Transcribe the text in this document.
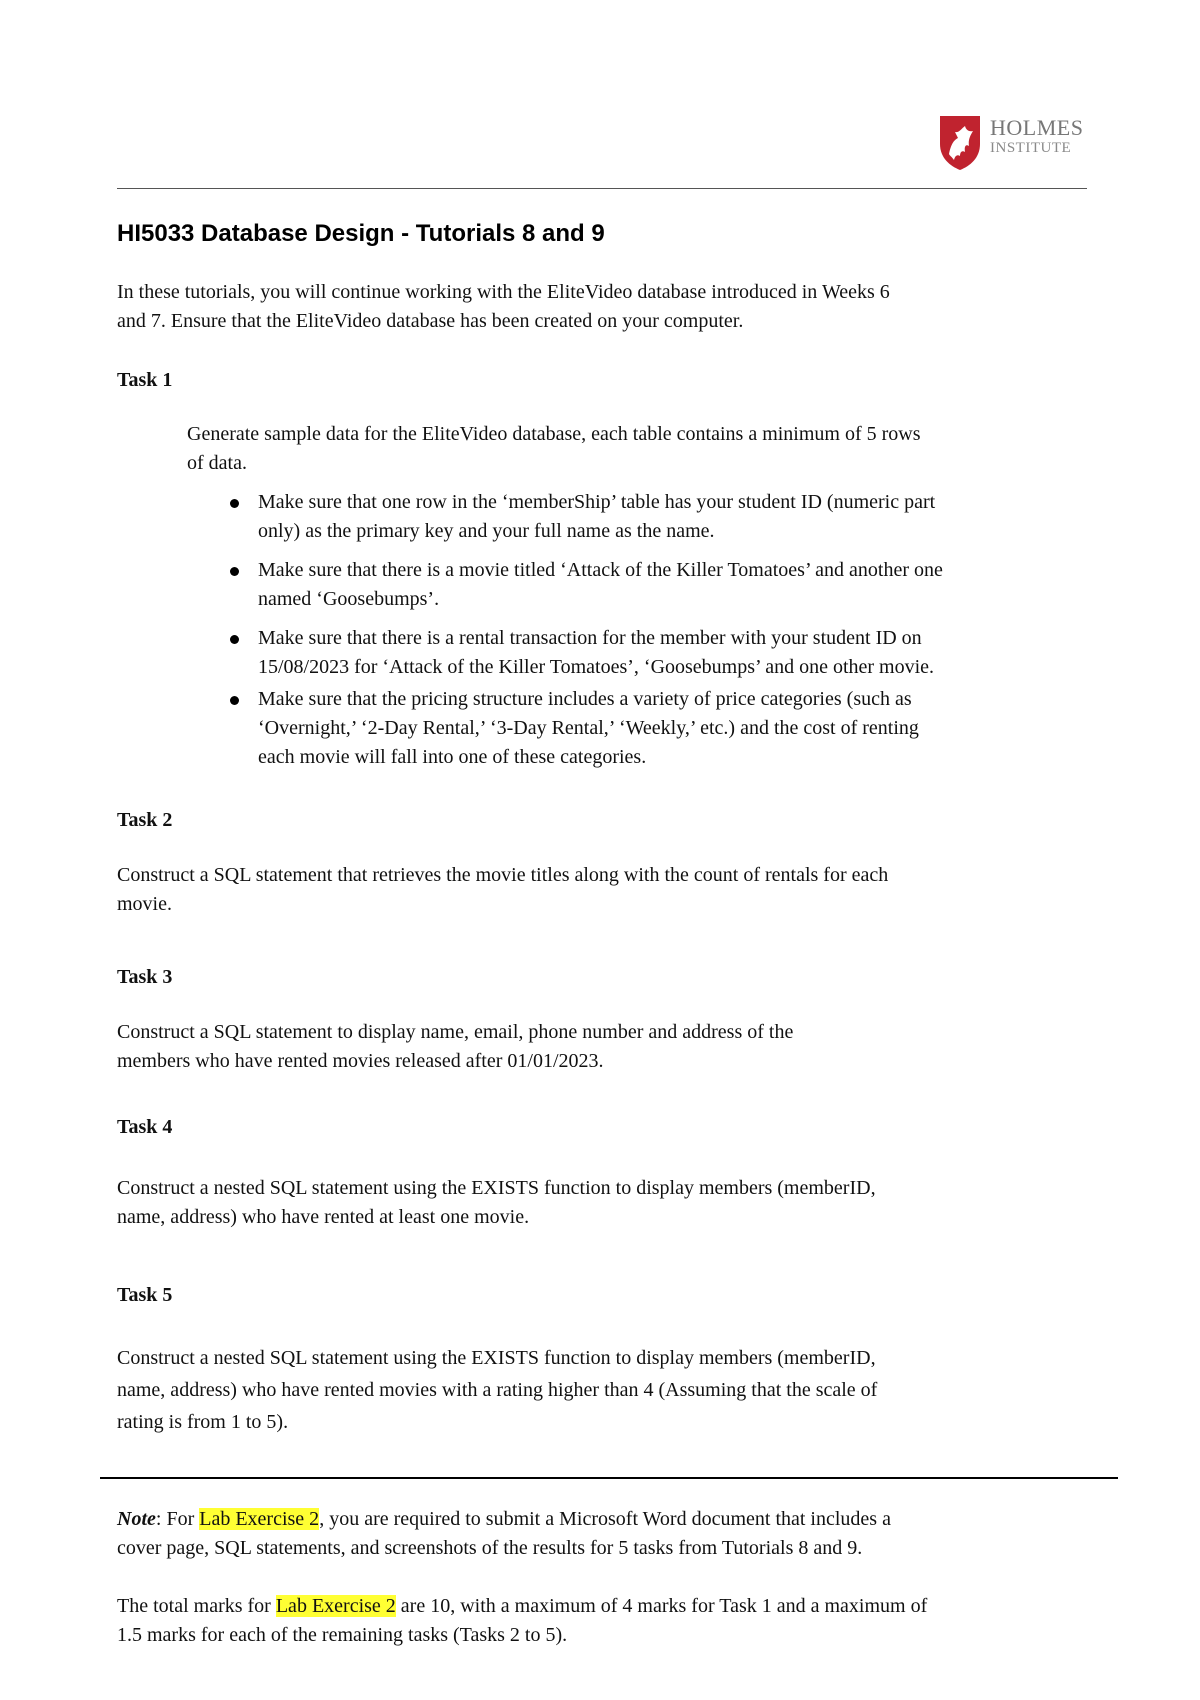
HOLMES
INSTITUTE
HI5033 Database Design - Tutorials 8 and 9
In these tutorials, you will continue working with the EliteVideo database introduced in Weeks 6
and 7. Ensure that the EliteVideo database has been created on your computer.
Task 1
Generate sample data for the EliteVideo database, each table contains a minimum of 5 rows
of data.
Make sure that one row in the ‘memberShip’ table has your student ID (numeric part
only) as the primary key and your full name as the name.
Make sure that there is a movie titled ‘Attack of the Killer Tomatoes’ and another one
named ‘Goosebumps’.
Make sure that there is a rental transaction for the member with your student ID on
15/08/2023 for ‘Attack of the Killer Tomatoes’, ‘Goosebumps’ and one other movie.
Make sure that the pricing structure includes a variety of price categories (such as
‘Overnight,’ ‘2-Day Rental,’ ‘3-Day Rental,’ ‘Weekly,’ etc.) and the cost of renting
each movie will fall into one of these categories.
Task 2
Construct a SQL statement that retrieves the movie titles along with the count of rentals for each
movie.
Task 3
Construct a SQL statement to display name, email, phone number and address of the
members who have rented movies released after 01/01/2023.
Task 4
Construct a nested SQL statement using the EXISTS function to display members (memberID,
name, address) who have rented at least one movie.
Task 5
Construct a nested SQL statement using the EXISTS function to display members (memberID,
name, address) who have rented movies with a rating higher than 4 (Assuming that the scale of
rating is from 1 to 5).
Note: For Lab Exercise 2, you are required to submit a Microsoft Word document that includes a
cover page, SQL statements, and screenshots of the results for 5 tasks from Tutorials 8 and 9.
The total marks for Lab Exercise 2 are 10, with a maximum of 4 marks for Task 1 and a maximum of
1.5 marks for each of the remaining tasks (Tasks 2 to 5).
